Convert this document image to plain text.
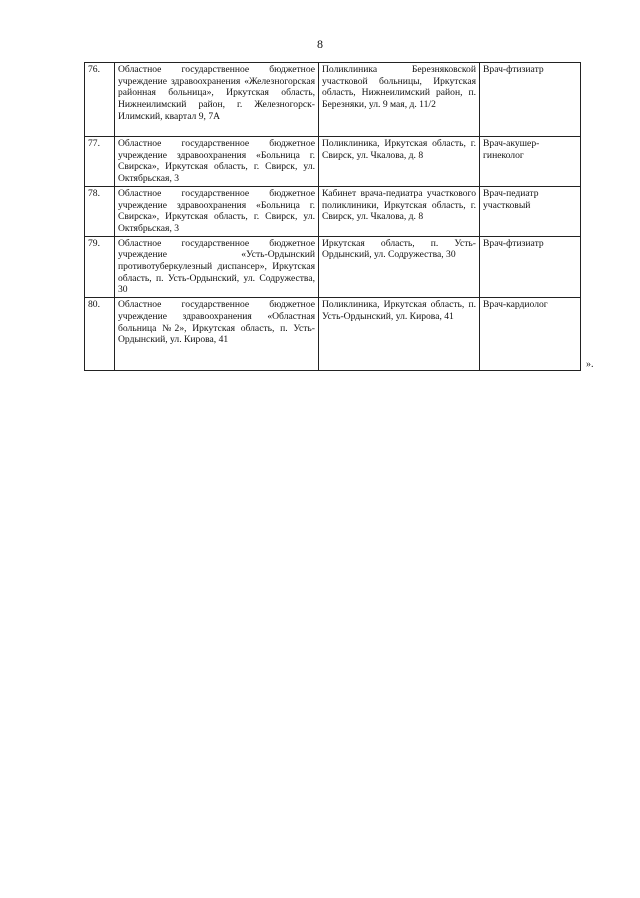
8
76.	Областное государственное бюджетное учреждение здравоохранения «Железногорская районная больница», Иркутская область, Нижнеилимский район, г. Железногорск-Илимский, квартал 9, 7А	Поликлиника Березняковской участковой больницы, Иркутская область, Нижнеилимский район, п. Березняки, ул. 9 мая, д. 11/2	Врач-фтизиатр
77.	Областное государственное бюджетное учреждение здравоохранения «Больница г. Свирска», Иркутская область, г. Свирск, ул. Октябрьская, 3	Поликлиника, Иркутская область, г. Свирск, ул. Чкалова, д. 8	Врач-акушер-гинеколог
78.	Областное государственное бюджетное учреждение здравоохранения «Больница г. Свирска», Иркутская область, г. Свирск, ул. Октябрьская, 3	Кабинет врача-педиатра участкового поликлиники, Иркутская область, г. Свирск, ул. Чкалова, д. 8	Врач-педиатр участковый
79.	Областное государственное бюджетное учреждение «Усть-Ордынский противотуберкулезный диспансер», Иркутская область, п. Усть-Ордынский, ул. Содружества, 30	Иркутская область, п. Усть-Ордынский, ул. Содружества, 30	Врач-фтизиатр
80.	Областное государственное бюджетное учреждение здравоохранения «Областная больница №2», Иркутская область, п. Усть-Ордынский, ул. Кирова, 41	Поликлиника, Иркутская область, п. Усть-Ордынский, ул. Кирова, 41	Врач-кардиолог
».
